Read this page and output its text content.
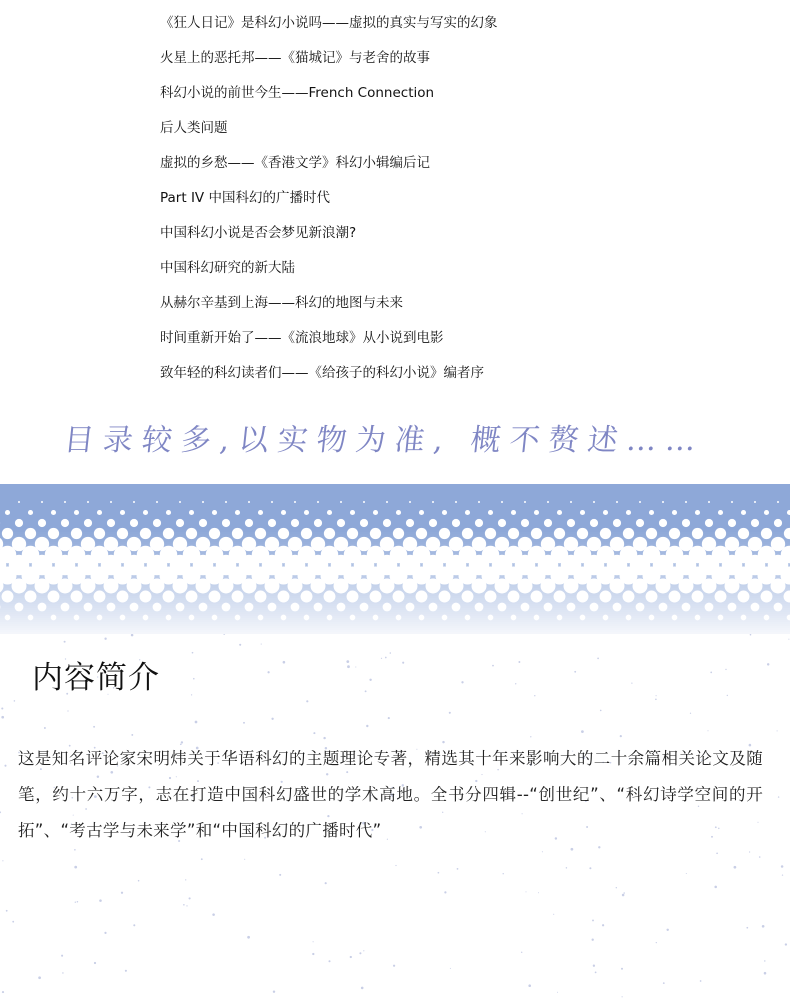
《狂人日记》是科幻小说吗——虚拟的真实与写实的幻象
火星上的恶托邦——《猫城记》与老舍的故事
科幻小说的前世今生——French Connection
后人类问题
虚拟的乡愁——《香港文学》科幻小辑编后记
Part IV 中国科幻的广播时代
中国科幻小说是否会梦见新浪潮?
中国科幻研究的新大陆
从赫尔辛基到上海——科幻的地图与未来
时间重新开始了——《流浪地球》从小说到电影
致年轻的科幻读者们——《给孩子的科幻小说》编者序
目录较多,以实物为准, 概不赘述……
内容简介
这是知名评论家宋明炜关于华语科幻的主题理论专著，精选其十年来影响大的二十余篇相关论文及随笔，约十六万字，志在打造中国科幻盛世的学术高地。全书分四辑--“创世纪”、“科幻诗学空间的开拓”、“考古学与未来学”和“中国科幻的广播时代”
